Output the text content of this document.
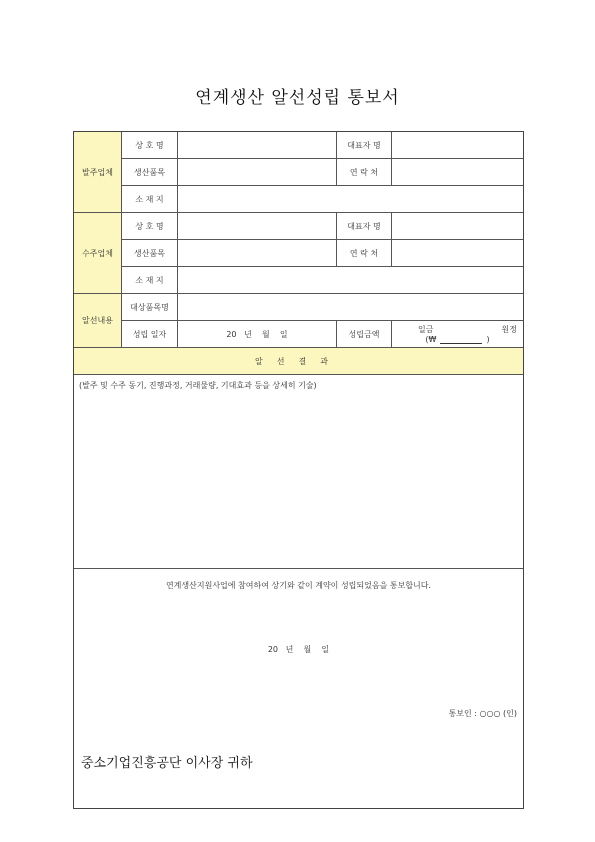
연계생산 알선성립 통보서
발주업체
상 호 명	대표자 명
생산품목	연 락 처
소 재 지
수주업체
상 호 명	대표자 명
생산품목	연 락 처
소 재 지
알선내용
대상품목명
성립 일자	20   년    월    일	성립금액	일금	원정
(₩	)
알선결과
(발주 및 수주 동기, 진행과정, 거래물량, 기대효과 등을 상세히 기술)
연계생산지원사업에 참여하여 상기와 같이 계약이 성립되었음을 통보합니다.
20   년    월    일
통보인 : ○○○ (인)
중소기업진흥공단 이사장 귀하
